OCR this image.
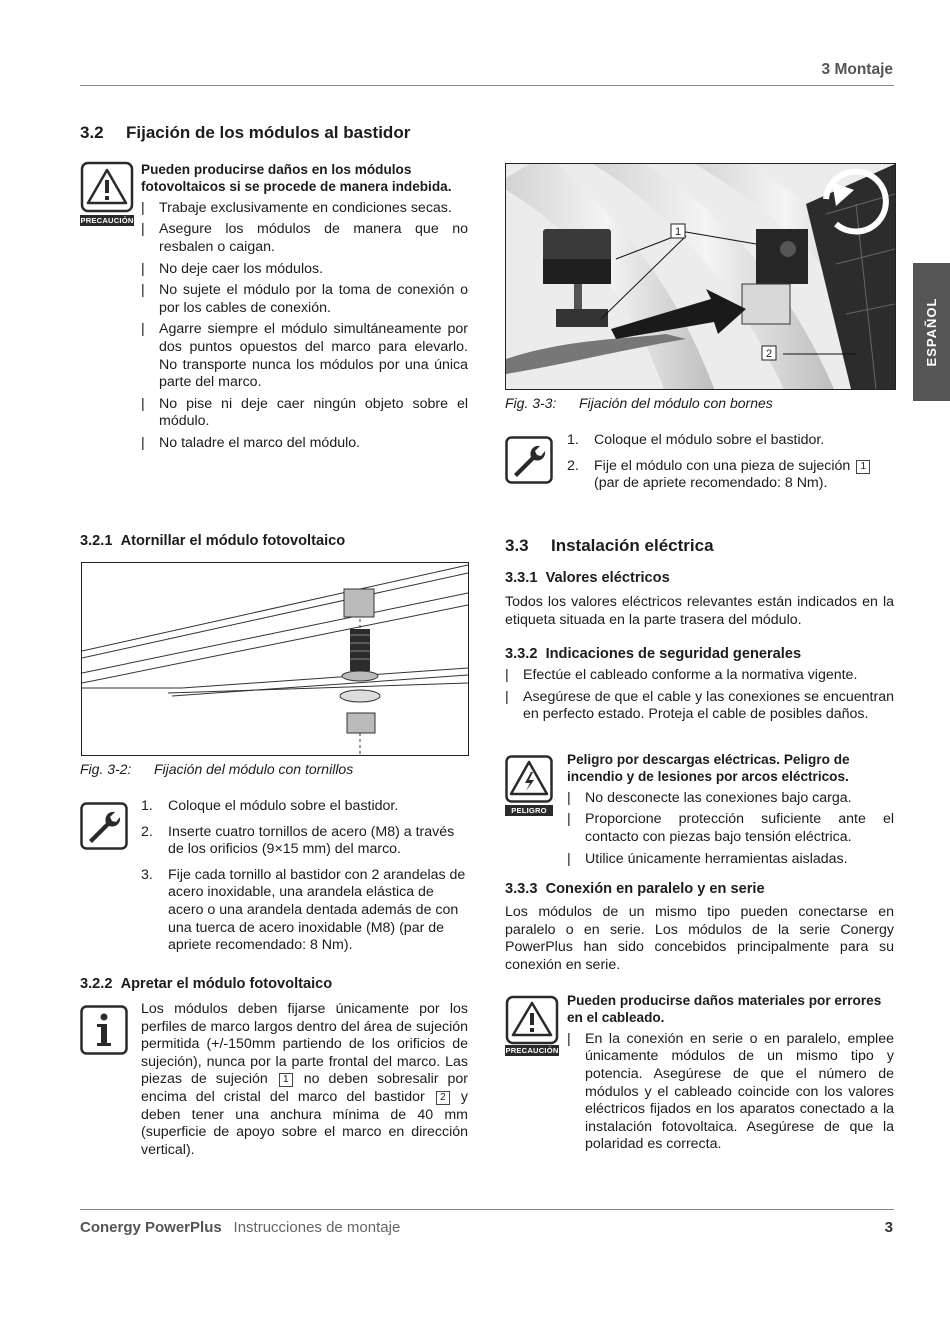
3 Montaje
ESPAÑOL
3.2 Fijación de los módulos al bastidor
PRECAUCIÓN
Pueden producirse daños en los módulos fotovoltaicos si se procede de manera indebida.
| Trabaje exclusivamente en condiciones secas.
| Asegure los módulos de manera que no resbalen o caigan.
| No deje caer los módulos.
| No sujete el módulo por la toma de conexión o por los cables de conexión.
| Agarre siempre el módulo simultáneamente por dos puntos opuestos del marco para elevarlo. No transporte nunca los módulos por una única parte del marco.
| No pise ni deje caer ningún objeto sobre el módulo.
| No taladre el marco del módulo.
1
2
Fig. 3-3: Fijación del módulo con bornes
1. Coloque el módulo sobre el bastidor.
2. Fije el módulo con una pieza de sujeción 1 (par de apriete recomendado: 8 Nm).
3.2.1 Atornillar el módulo fotovoltaico
Fig. 3-2: Fijación del módulo con tornillos
1. Coloque el módulo sobre el bastidor.
2. Inserte cuatro tornillos de acero (M8) a través de los orificios (9×15 mm) del marco.
3. Fije cada tornillo al bastidor con 2 arandelas de acero inoxidable, una arandela elástica de acero o una arandela dentada además de con una tuerca de acero inoxidable (M8) (par de apriete recomendado: 8 Nm).
3.2.2 Apretar el módulo fotovoltaico
Los módulos deben fijarse únicamente por los perfiles de marco largos dentro del área de sujeción permitida (+/-150mm partiendo de los orificios de sujeción), nunca por la parte frontal del marco. Las piezas de sujeción 1 no deben sobresalir por encima del cristal del marco del bastidor 2 y deben tener una anchura mínima de 40 mm (superficie de apoyo sobre el marco en dirección vertical).
3.3 Instalación eléctrica
3.3.1 Valores eléctricos
Todos los valores eléctricos relevantes están indicados en la etiqueta situada en la parte trasera del módulo.
3.3.2 Indicaciones de seguridad generales
| Efectúe el cableado conforme a la normativa vigente.
| Asegúrese de que el cable y las conexiones se encuentran en perfecto estado. Proteja el cable de posibles daños.
PELIGRO
Peligro por descargas eléctricas. Peligro de incendio y de lesiones por arcos eléctricos.
| No desconecte las conexiones bajo carga.
| Proporcione protección suficiente ante el contacto con piezas bajo tensión eléctrica.
| Utilice únicamente herramientas aisladas.
3.3.3 Conexión en paralelo y en serie
Los módulos de un mismo tipo pueden conectarse en paralelo o en serie. Los módulos de la serie Conergy PowerPlus han sido concebidos principalmente para su conexión en serie.
PRECAUCIÓN
Pueden producirse daños materiales por errores en el cableado.
| En la conexión en serie o en paralelo, emplee únicamente módulos de un mismo tipo y potencia. Asegúrese de que el número de módulos y el cableado coincide con los valores eléctricos fijados en los aparatos conectado a la instalación fotovoltaica. Asegúrese de que la polaridad es correcta.
Conergy PowerPlus Instrucciones de montaje	3
